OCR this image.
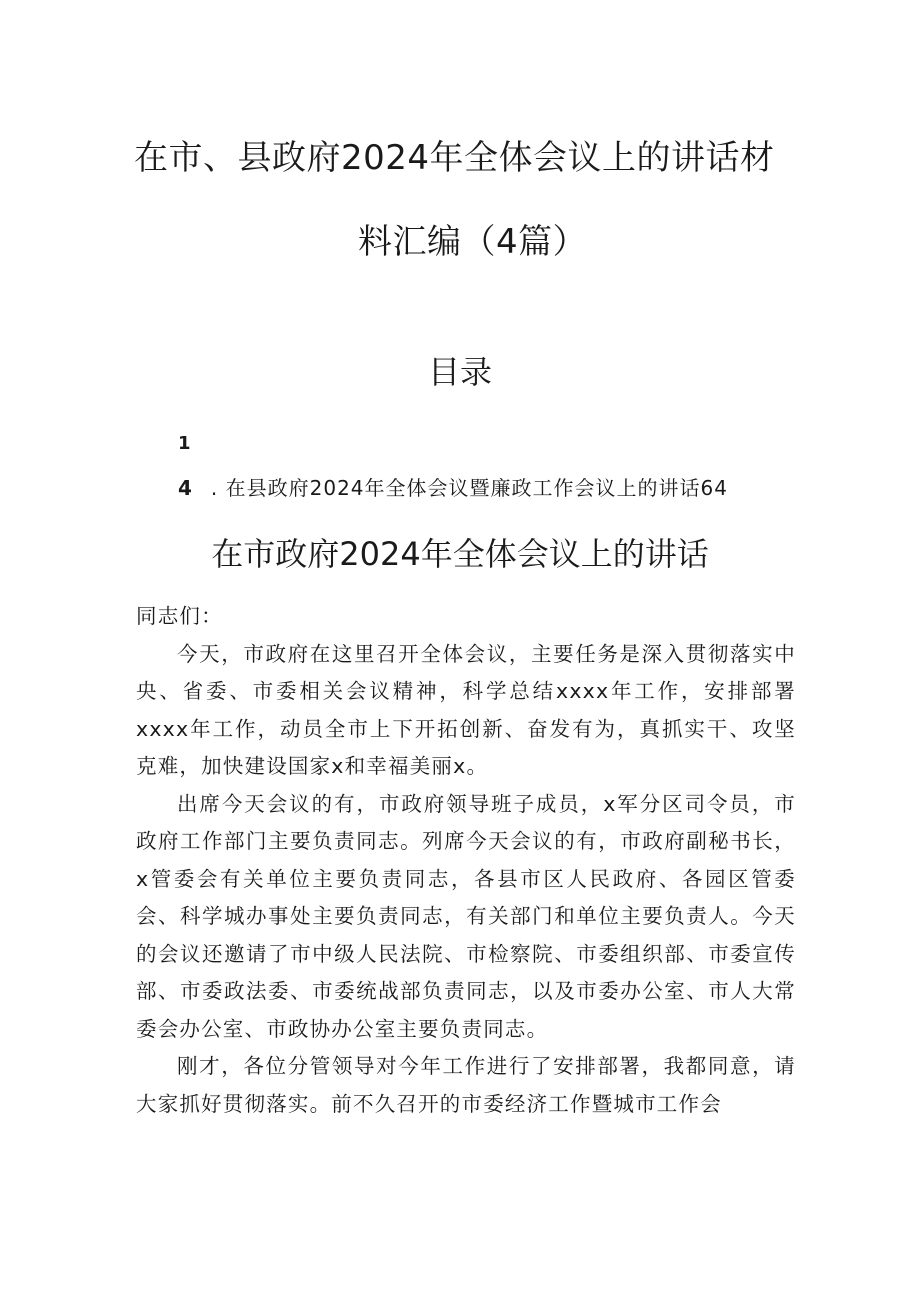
在市、县政府2024年全体会议上的讲话材
料汇编（4篇）
目录
1
4 . 在县政府2024年全体会议暨廉政工作会议上的讲话64
在市政府2024年全体会议上的讲话

同志们：

今天，市政府在这里召开全体会议，主要任务是深入贯彻落实中央、省委、市委相关会议精神，科学总结xxxx年工作，安排部署xxxx年工作，动员全市上下开拓创新、奋发有为，真抓实干、攻坚克难，加快建设国家x和幸福美丽x。

出席今天会议的有，市政府领导班子成员，x军分区司令员，市政府工作部门主要负责同志。列席今天会议的有，市政府副秘书长，x管委会有关单位主要负责同志，各县市区人民政府、各园区管委会、科学城办事处主要负责同志，有关部门和单位主要负责人。今天的会议还邀请了市中级人民法院、市检察院、市委组织部、市委宣传部、市委政法委、市委统战部负责同志，以及市委办公室、市人大常委会办公室、市政协办公室主要负责同志。

刚才，各位分管领导对今年工作进行了安排部署，我都同意，请大家抓好贯彻落实。前不久召开的市委经济工作暨城市工作会
